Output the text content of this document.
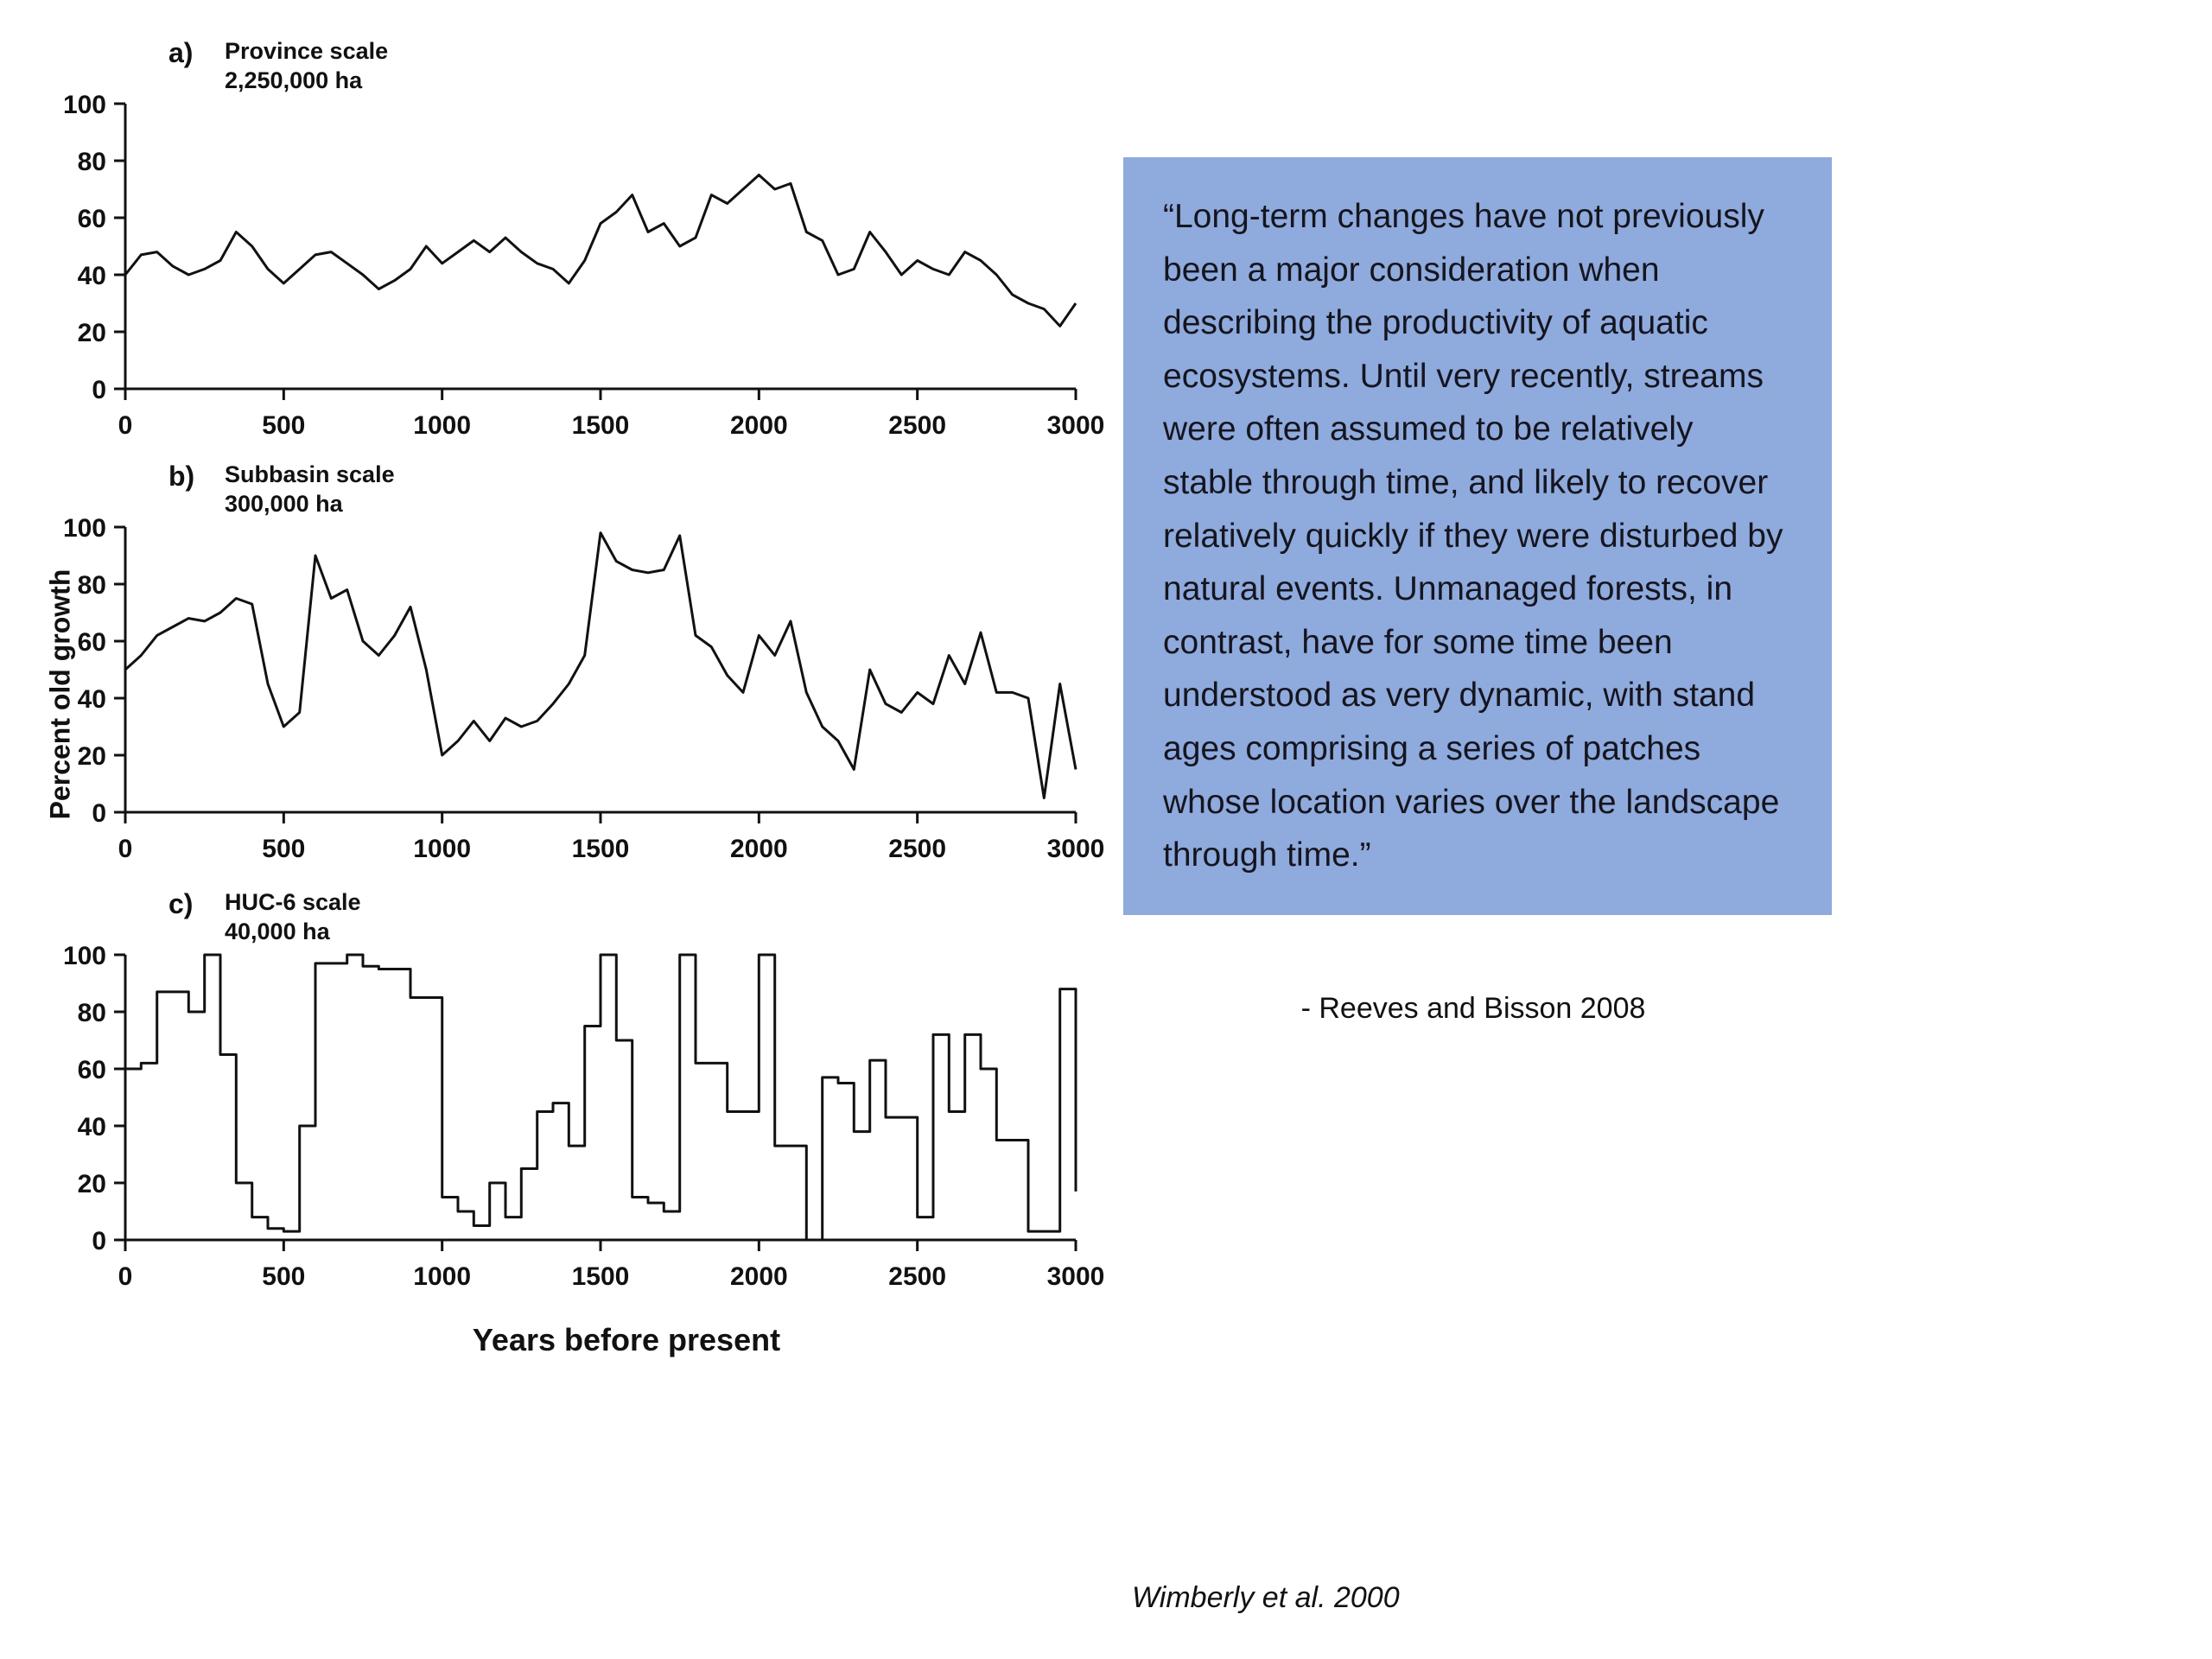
Percent old growth
0
20
40
60
80
100
0	500	1000	1500	2000	2500	3000
a) Province scale
2,250,000 ha
0
20
40
60
80
100
0	500	1000	1500	2000	2500	3000
b) Subbasin scale
300,000 ha
0
20
40
60
80
100
0	500	1000	1500	2000	2500	3000
c) HUC-6 scale
40,000 ha
Years before present

“Long-term changes have not previously been a major consideration when describing the productivity of aquatic ecosystems. Until very recently, streams were often assumed to be relatively stable through time, and likely to recover relatively quickly if they were disturbed by natural events. Unmanaged forests, in contrast, have for some time been understood as very dynamic, with stand ages comprising a series of patches whose location varies over the landscape through time.”

- Reeves and Bisson 2008
Wimberly et al. 2000
